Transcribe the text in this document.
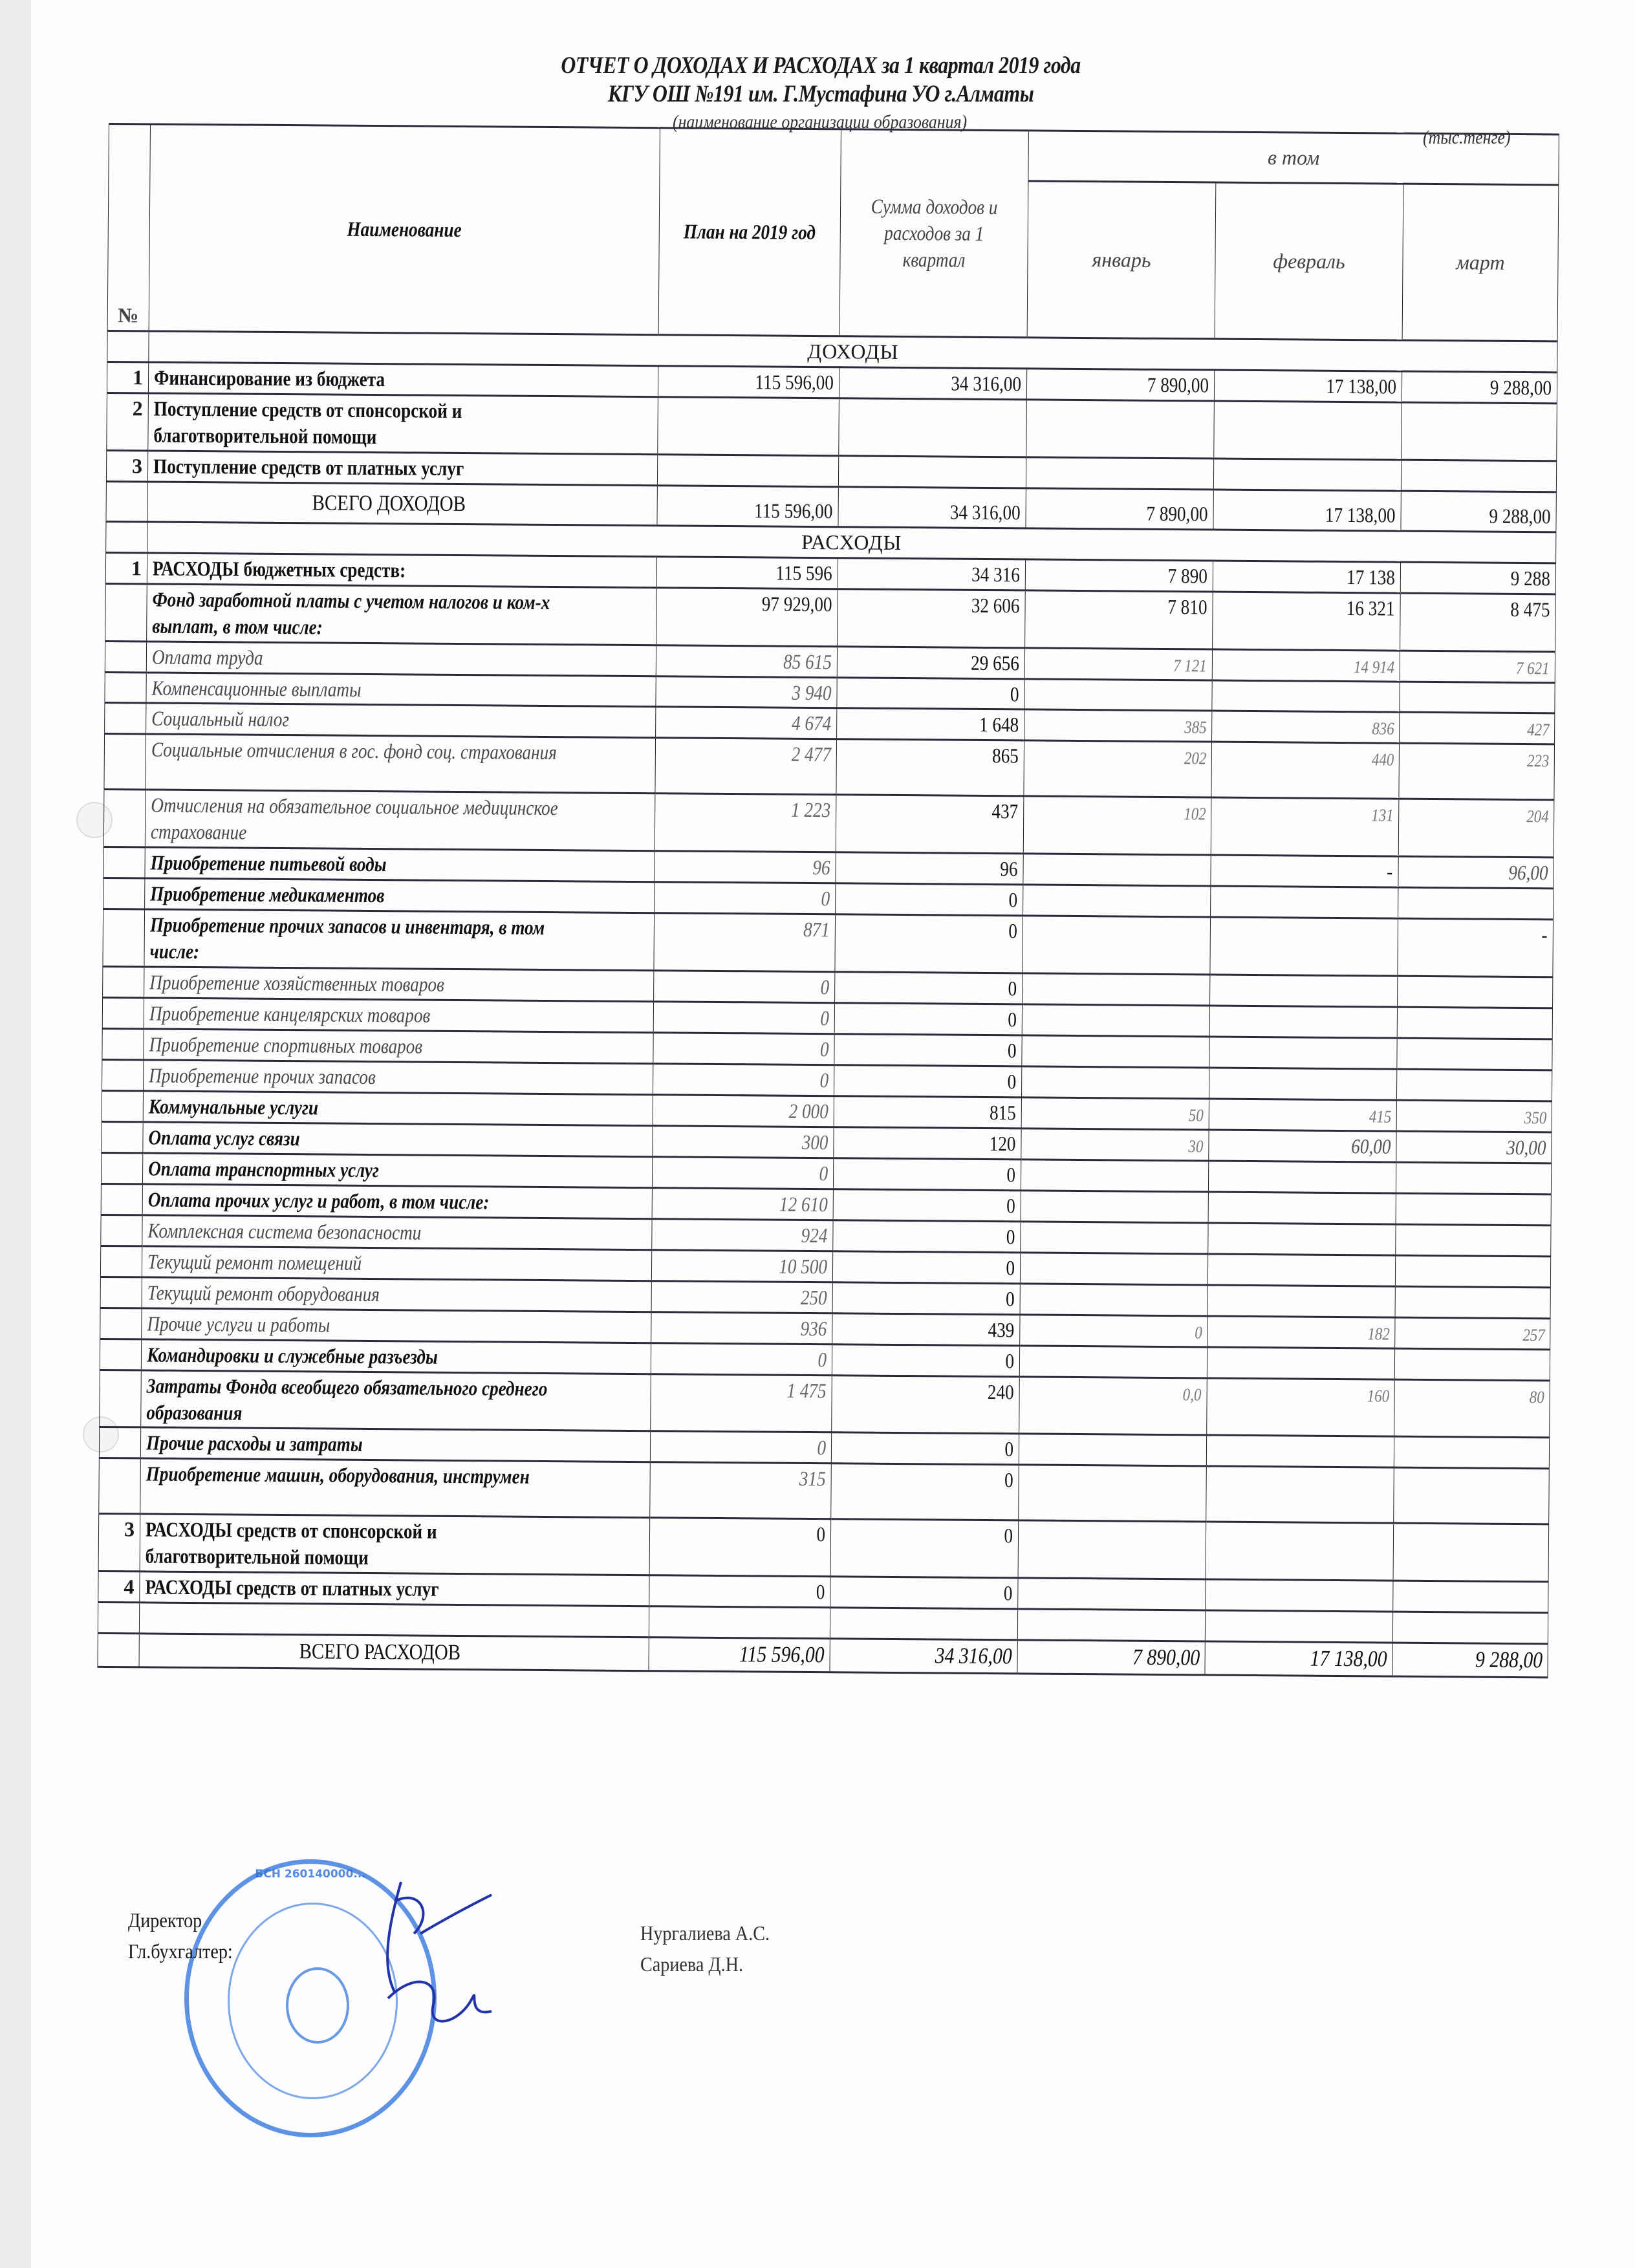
ОТЧЕТ О ДОХОДАХ И РАСХОДАХ за 1 квартал 2019 года
КГУ ОШ №191 им. Г.Мустафина УО г.Алматы
(наименование организации образования)
(тыс.тенге)
№	Наименование	План на 2019 год	Сумма доходов и расходов за 1 квартал	в том		
				январь	февраль	март
	ДОХОДЫ					
1	Финансирование из бюджета	115 596,00	34 316,00	7 890,00	17 138,00	9 288,00
2	Поступление средств от спонсорской и благотворительной помощи					
3	Поступление средств от платных услуг					
	ВСЕГО ДОХОДОВ	115 596,00	34 316,00	7 890,00	17 138,00	9 288,00
	РАСХОДЫ					
1	РАСХОДЫ бюджетных средств:	115 596	34 316	7 890	17 138	9 288
	Фонд заработной платы с учетом налогов и ком-х выплат, в том числе:	97 929,00	32 606	7 810	16 321	8 475
	Оплата труда	85 615	29 656	7 121	14 914	7 621
	Компенсационные выплаты	3 940	0			
	Социальный налог	4 674	1 648	385	836	427
	Социальные отчисления в гос. фонд соц. страхования	2 477	865	202	440	223
	Отчисления на обязательное социальное медицинское страхование	1 223	437	102	131	204
	Приобретение питьевой воды	96	96		-	96,00
	Приобретение медикаментов	0	0			
	Приобретение прочих запасов и инвентаря, в том числе:	871	0			-
	Приобретение хозяйственных товаров	0	0			
	Приобретение канцелярских товаров	0	0			
	Приобретение спортивных товаров	0	0			
	Приобретение прочих запасов	0	0			
	Коммунальные услуги	2 000	815	50	415	350
	Оплата услуг связи	300	120	30	60,00	30,00
	Оплата транспортных услуг	0	0			
	Оплата прочих услуг и работ, в том числе:	12 610	0			
	Комплексная система безопасности	924	0			
	Текущий ремонт помещений	10 500	0			
	Текущий ремонт оборудования	250	0			
	Прочие услуги и работы	936	439	0	182	257
	Командировки и служебные разъезды	0	0			
	Затраты Фонда всеобщего обязательного среднего образования	1 475	240	0,0	160	80
	Прочие расходы и затраты	0	0			
	Приобретение машин, оборудования, инструмен	315	0			
3	РАСХОДЫ средств от спонсорской и благотворительной помощи	0	0			
4	РАСХОДЫ средств от платных услуг	0	0			

	ВСЕГО РАСХОДОВ	115 596,00	34 316,00	7 890,00	17 138,00	9 288,00
БСН 260140000...
Директор
Гл.бухгалтер:
Нургалиева А.С.
Сариева Д.Н.
